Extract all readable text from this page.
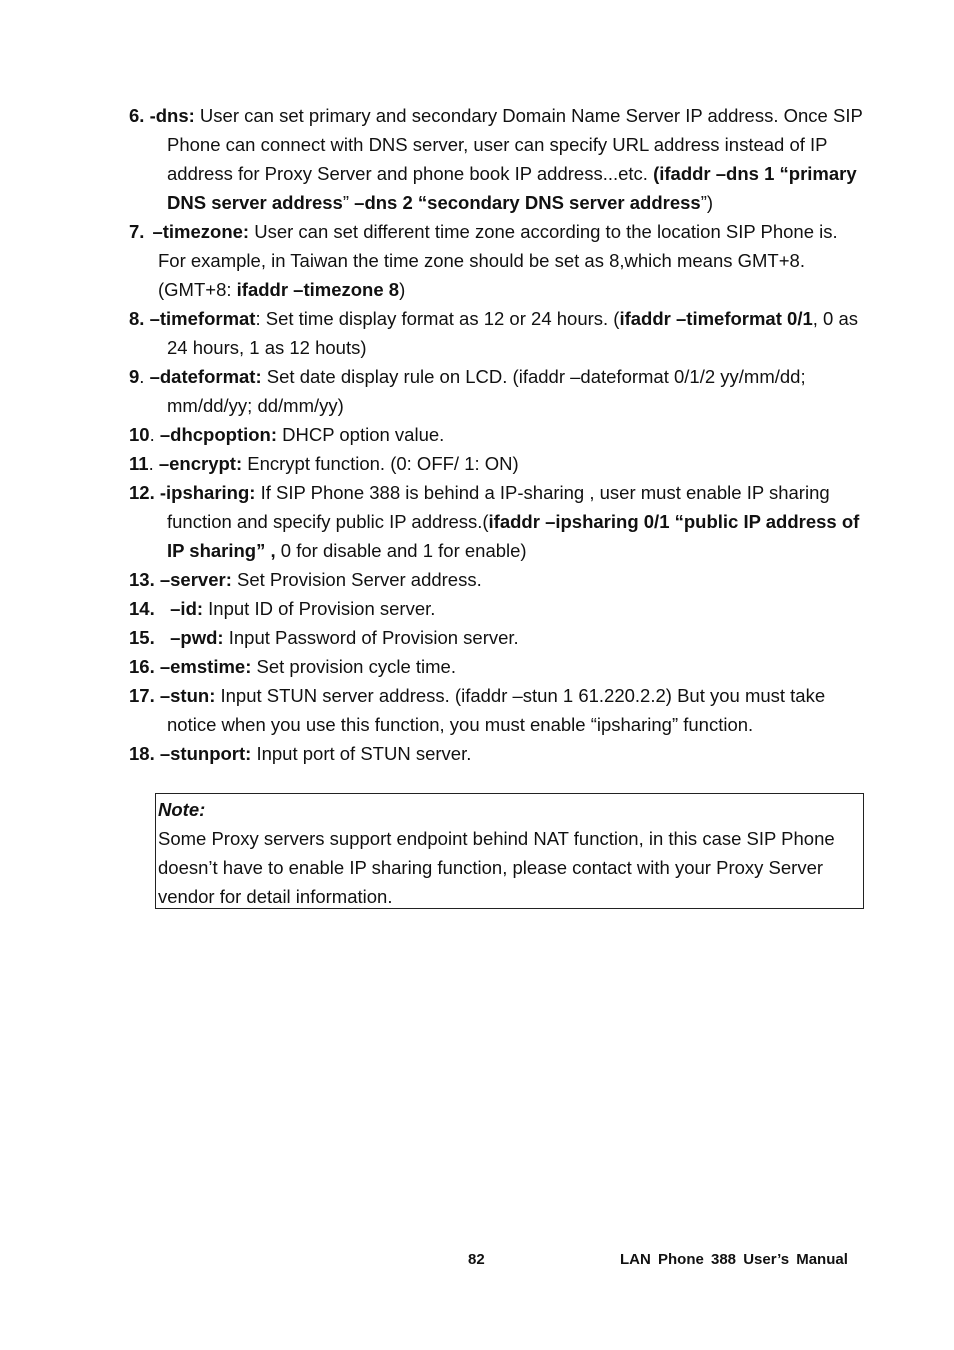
6. -dns: User can set primary and secondary Domain Name Server IP address. Once SIP Phone can connect with DNS server, user can specify URL address instead of IP address for Proxy Server and phone book IP address...etc. (ifaddr –dns 1 “primary DNS server address” –dns 2 “secondary DNS server address”)
7. –timezone: User can set different time zone according to the location SIP Phone is. For example, in Taiwan the time zone should be set as 8,which means GMT+8. (GMT+8: ifaddr –timezone 8)
8. –timeformat: Set time display format as 12 or 24 hours. (ifaddr –timeformat 0/1, 0 as 24 hours, 1 as 12 houts)
9. –dateformat: Set date display rule on LCD. (ifaddr –dateformat 0/1/2 yy/mm/dd; mm/dd/yy; dd/mm/yy)
10. –dhcpoption: DHCP option value.
11. –encrypt: Encrypt function. (0: OFF/ 1: ON)
12. -ipsharing: If SIP Phone 388 is behind a IP-sharing , user must enable IP sharing function and specify public IP address.(ifaddr –ipsharing 0/1 “public IP address of IP sharing” , 0 for disable and 1 for enable)
13. –server: Set Provision Server address.
14.   –id: Input ID of Provision server.
15.   –pwd: Input Password of Provision server.
16. –emstime: Set provision cycle time.
17. –stun: Input STUN server address. (ifaddr –stun 1 61.220.2.2) But you must take notice when you use this function, you must enable “ipsharing” function.
18. –stunport: Input port of STUN server.
Note:
Some Proxy servers support endpoint behind NAT function, in this case SIP Phone doesn’t have to enable IP sharing function, please contact with your Proxy Server vendor for detail information.
82	LAN Phone 388 User’s Manual
